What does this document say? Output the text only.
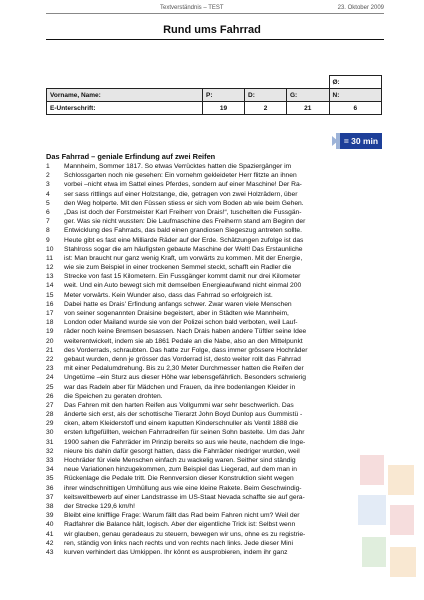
Textverständnis – TEST	23. Oktober 2009
Rund ums Fahrrad
				Ø:
Vorname, Name:	P:	D:	G:	N:
E-Unterschrift:	19	2	21	6
= 30 min
Das Fahrrad – geniale Erfindung auf zwei Reifen
1	Mannheim, Sommer 1817. So etwas Verrücktes hatten die Spaziergänger im
2	Schlossgarten noch nie gesehen: Ein vornehm gekleideter Herr flitzte an ihnen
3	vorbei –nicht etwa im Sattel eines Pferdes, sondern auf einer Maschine! Der Ra-
4	ser sass rittlings auf einer Holzstange, die, getragen von zwei Holzrädern, über
5	den Weg holperte. Mit den Füssen stiess er sich vom Boden ab wie beim Gehen.
6	„Das ist doch der Forstmeister Karl Freiherr von Drais!“, tuschelten die Fussgän-
7	ger. Was sie nicht wussten: Die Laufmaschine des Freiherrn stand am Beginn der
8	Entwicklung des Fahrrads, das bald einen grandiosen Siegeszug antreten sollte.
9	Heute gibt es fast eine Milliarde Räder auf der Erde. Schätzungen zufolge ist das
10	Stahlross sogar die am häufigsten gebaute Maschine der Welt! Das Erstaunliche
11	ist: Man braucht nur ganz wenig Kraft, um vorwärts zu kommen. Mit der Energie,
12	wie sie zum Beispiel in einer trockenen Semmel steckt, schafft ein Radler die
13	Strecke von fast 15 Kilometern. Ein Fussgänger kommt damit nur drei Kilometer
14	weit. Und ein Auto bewegt sich mit demselben Energieaufwand nicht einmal 200
15	Meter vorwärts. Kein Wunder also, dass das Fahrrad so erfolgreich ist.
16	Dabei hatte es Drais' Erfindung anfangs schwer. Zwar waren viele Menschen
17	von seiner sogenannten Draisine begeistert, aber in Städten wie Mannheim,
18	London oder Mailand wurde sie von der Polizei schon bald verboten, weil Lauf-
19	räder noch keine Bremsen besassen. Nach Drais haben andere Tüftler seine Idee
20	weiterentwickelt, indem sie ab 1861 Pedale an die Nabe, also an den Mittelpunkt
21	des Vorderrads, schraubten. Das hatte zur Folge, dass immer grössere Hochräder
22	gebaut wurden, denn je grösser das Vorderrad ist, desto weiter rollt das Fahrrad
23	mit einer Pedalumdrehung. Bis zu 2,30 Meter Durchmesser hatten die Reifen der
24	Ungetüme –ein Sturz aus dieser Höhe war lebensgefährlich. Besonders schwierig
25	war das Radeln aber für Mädchen und Frauen, da ihre bodenlangen Kleider in
26	die Speichen zu geraten drohten.
27	Das Fahren mit den harten Reifen aus Vollgummi war sehr beschwerlich. Das
28	änderte sich erst, als der schottische Tierarzt John Boyd Dunlop aus Gummistü -
29	cken, altem Kleiderstoff und einem kaputten Kinderschnuller als Ventil 1888 die
30	ersten luftgefüllten, weichen Fahrradreifen für seinen Sohn bastelte. Um das Jahr
31	1900 sahen die Fahrräder im Prinzip bereits so aus wie heute, nachdem die Inge-
32	nieure bis dahin dafür gesorgt hatten, dass die Fahrräder niedriger wurden, weil
33	Hochräder für viele Menschen einfach zu wackelig waren. Seither sind ständig
34	neue Variationen hinzugekommen, zum Beispiel das Liegerad, auf dem man in
35	Rückenlage die Pedale tritt. Die Rennversion dieser Konstruktion sieht wegen
36	ihrer windschnittigen Umhüllung aus wie eine kleine Rakete. Beim Geschwindig-
37	keitsweltbewerb auf einer Landstrasse im US-Staat Nevada schaffte sie auf gera-
38	der Strecke 129,6 km/h!
39	Bleibt eine knifflige Frage: Warum fällt das Rad beim Fahren nicht um? Weil der
40	Radfahrer die Balance hält, logisch. Aber der eigentliche Trick ist: Selbst wenn
41	wir glauben, genau geradeaus zu steuern, bewegen wir uns, ohne es zu registrie-
42	ren, ständig von links nach rechts und von rechts nach links. Jede dieser Mini
43	kurven verhindert das Umkippen. Ihr könnt es ausprobieren, indem ihr ganz
